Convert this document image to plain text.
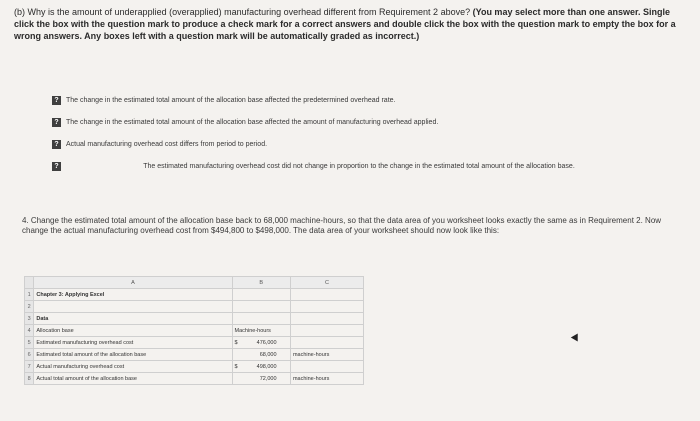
(b) Why is the amount of underapplied (overapplied) manufacturing overhead different from Requirement 2 above? (You may select more than one answer. Single click the box with the question mark to produce a check mark for a correct answers and double click the box with the question mark to empty the box for a wrong answers. Any boxes left with a question mark will be automatically graded as incorrect.)
?	The change in the estimated total amount of the allocation base affected the predetermined overhead rate.
?	The change in the estimated total amount of the allocation base affected the amount of manufacturing overhead applied.
?	Actual manufacturing overhead cost differs from period to period.
?	The estimated manufacturing overhead cost did not change in proportion to the change in the estimated total amount of the allocation base.
4. Change the estimated total amount of the allocation base back to 68,000 machine-hours, so that the data area of you worksheet looks exactly the same as in Requirement 2. Now change the actual manufacturing overhead cost from $494,800 to $498,000. The data area of your worksheet should now look like this:
	A	B	C
1	Chapter 3: Applying Excel		
2			
3	Data		
4	Allocation base	Machine-hours	
5	Estimated manufacturing overhead cost	$ 476,000	
6	Estimated total amount of the allocation base	68,000	machine-hours
7	Actual manufacturing overhead cost	$ 498,000	
8	Actual total amount of the allocation base	72,000	machine-hours
